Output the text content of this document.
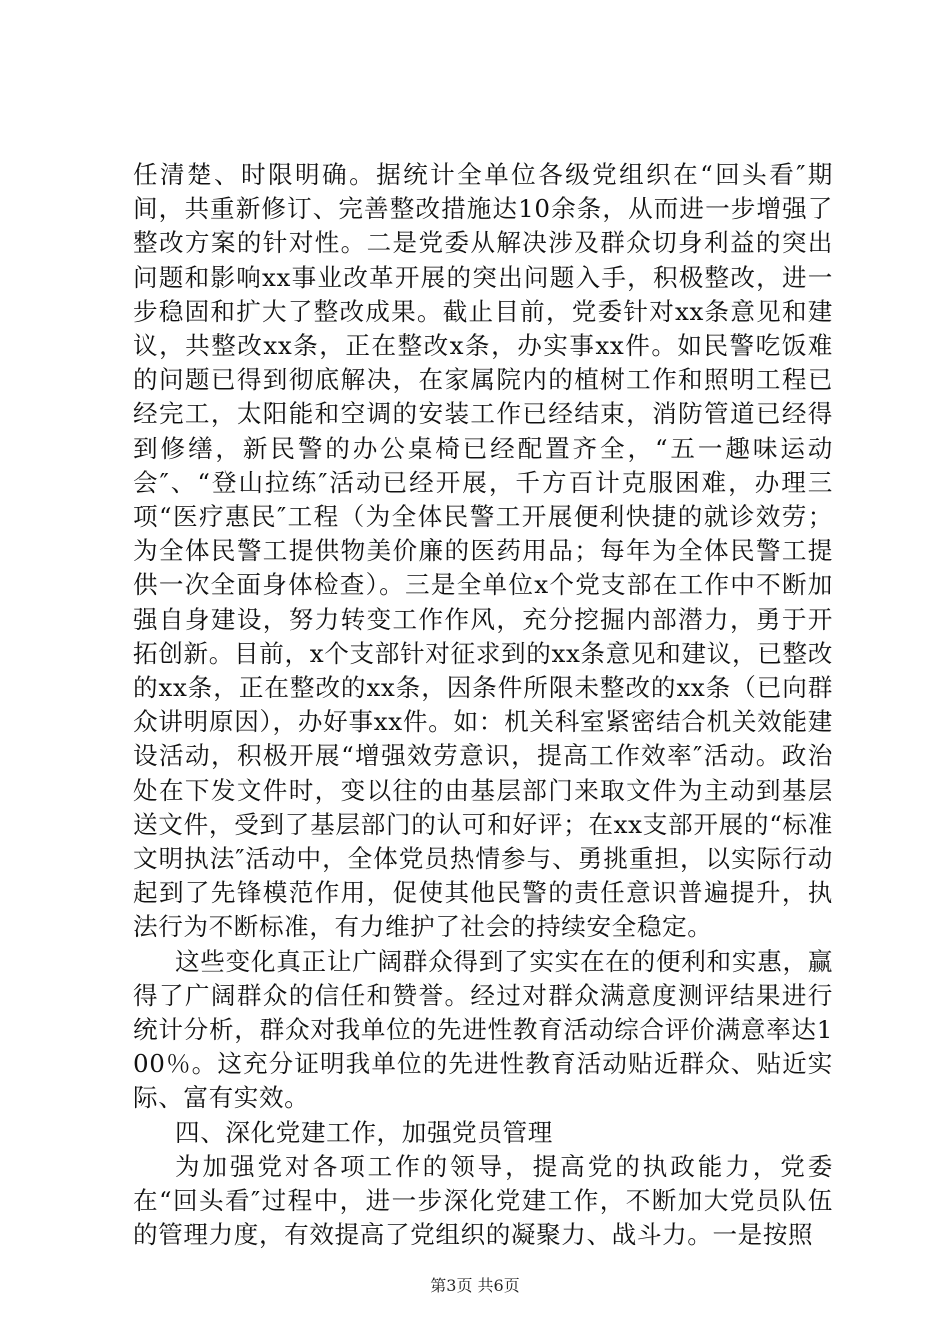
任清楚、时限明确。据统计全单位各级党组织在“回头看″期间，共重新修订、完善整改措施达10余条，从而进一步增强了整改方案的针对性。二是党委从解决涉及群众切身利益的突出问题和影响xx事业改革开展的突出问题入手，积极整改，进一步稳固和扩大了整改成果。截止目前，党委针对xx条意见和建议，共整改xx条，正在整改x条，办实事xx件。如民警吃饭难的问题已得到彻底解决，在家属院内的植树工作和照明工程已经完工，太阳能和空调的安装工作已经结束，消防管道已经得到修缮，新民警的办公桌椅已经配置齐全，“五一趣味运动会″、“登山拉练″活动已经开展，千方百计克服困难，办理三项“医疗惠民″工程（为全体民警工开展便利快捷的就诊效劳；为全体民警工提供物美价廉的医药用品；每年为全体民警工提供一次全面身体检查）。三是全单位x个党支部在工作中不断加强自身建设，努力转变工作作风，充分挖掘内部潜力，勇于开拓创新。目前，x个支部针对征求到的xx条意见和建议，已整改的xx条，正在整改的xx条，因条件所限未整改的xx条（已向群众讲明原因），办好事xx件。如：机关科室紧密结合机关效能建设活动，积极开展“增强效劳意识，提高工作效率″活动。政治处在下发文件时，变以往的由基层部门来取文件为主动到基层送文件，受到了基层部门的认可和好评；在xx支部开展的“标准文明执法″活动中，全体党员热情参与、勇挑重担，以实际行动起到了先锋模范作用，促使其他民警的责任意识普遍提升，执法行为不断标准，有力维护了社会的持续安全稳定。

这些变化真正让广阔群众得到了实实在在的便利和实惠，赢得了广阔群众的信任和赞誉。经过对群众满意度测评结果进行统计分析，群众对我单位的先进性教育活动综合评价满意率达100％。这充分证明我单位的先进性教育活动贴近群众、贴近实际、富有实效。

四、深化党建工作，加强党员管理

为加强党对各项工作的领导，提高党的执政能力，党委在“回头看″过程中，进一步深化党建工作，不断加大党员队伍的管理力度，有效提高了党组织的凝聚力、战斗力。一是按照

第3页 共6页
